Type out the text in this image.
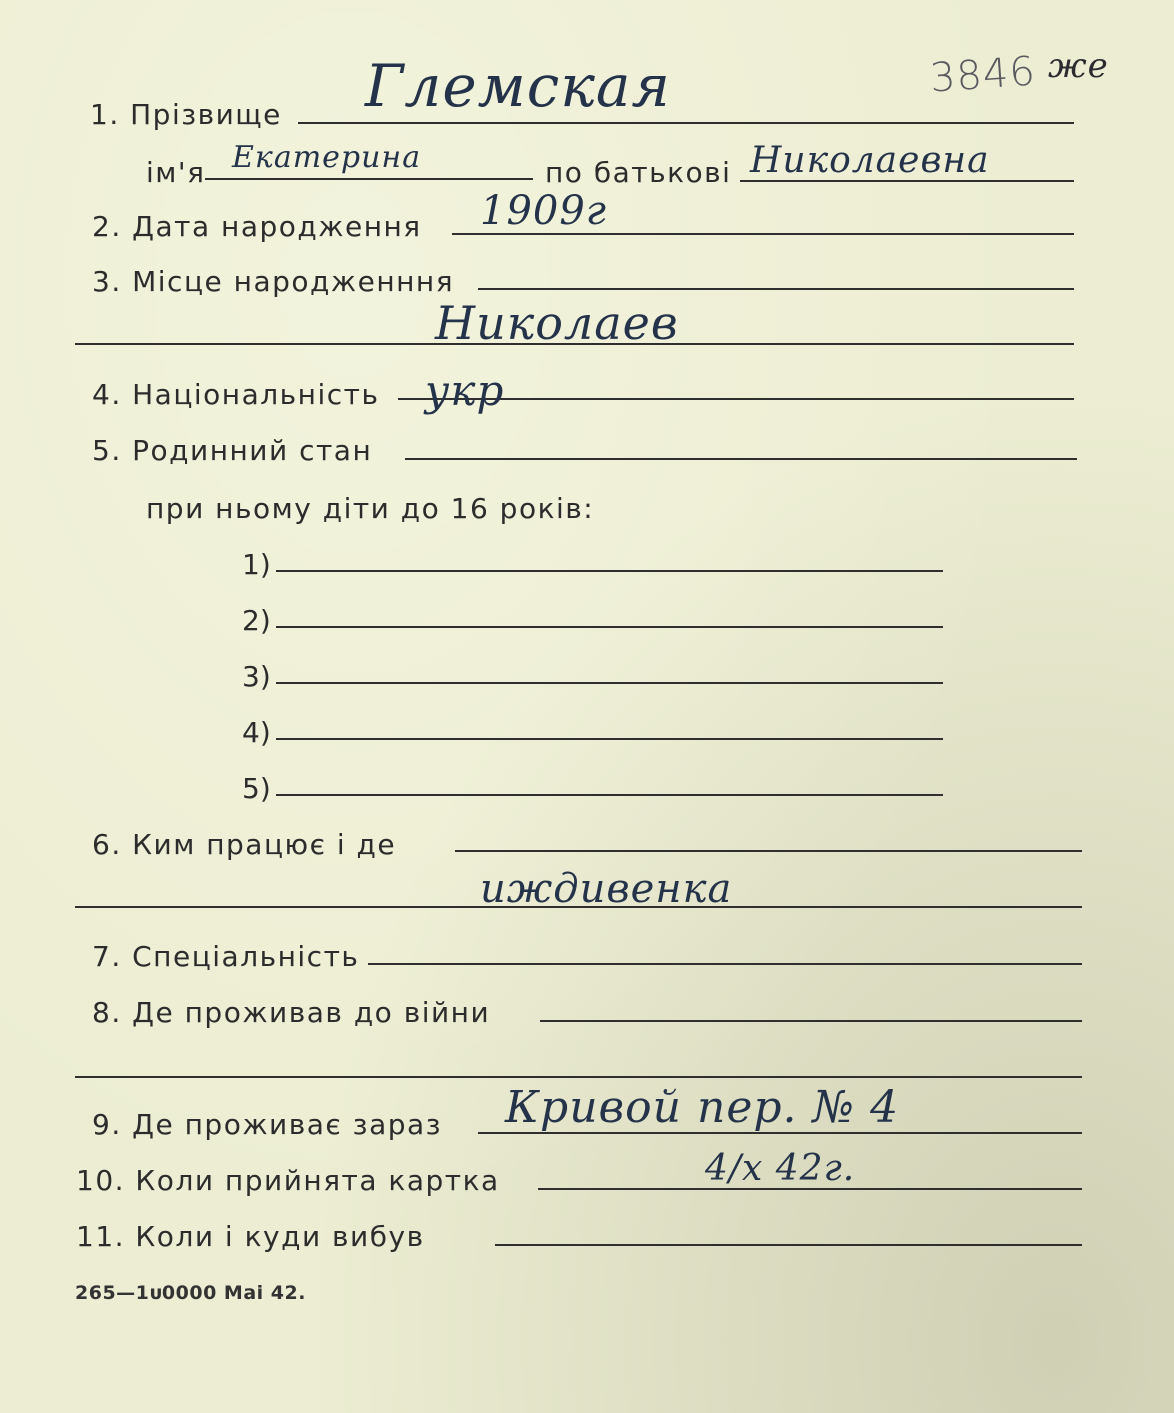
3846 же
1. Прізвище Глемская
ім'я Екатерина	по батькові Николаевна
2. Дата народження 1909г
3. Місце народженння
Николаев
4. Національність укр
5. Родинний стан
при ньому діти до 16 років:
1)
2)
3)
4)
5)
6. Ким працює і де
иждивенка
7. Спеціальність
8. Де проживав до війни
9. Де проживає зараз Кривой пер. № 4
10. Коли прийнята картка	4/х 42г.
11. Коли і куди вибув
265—1ᴜ0000 Mai 42.
